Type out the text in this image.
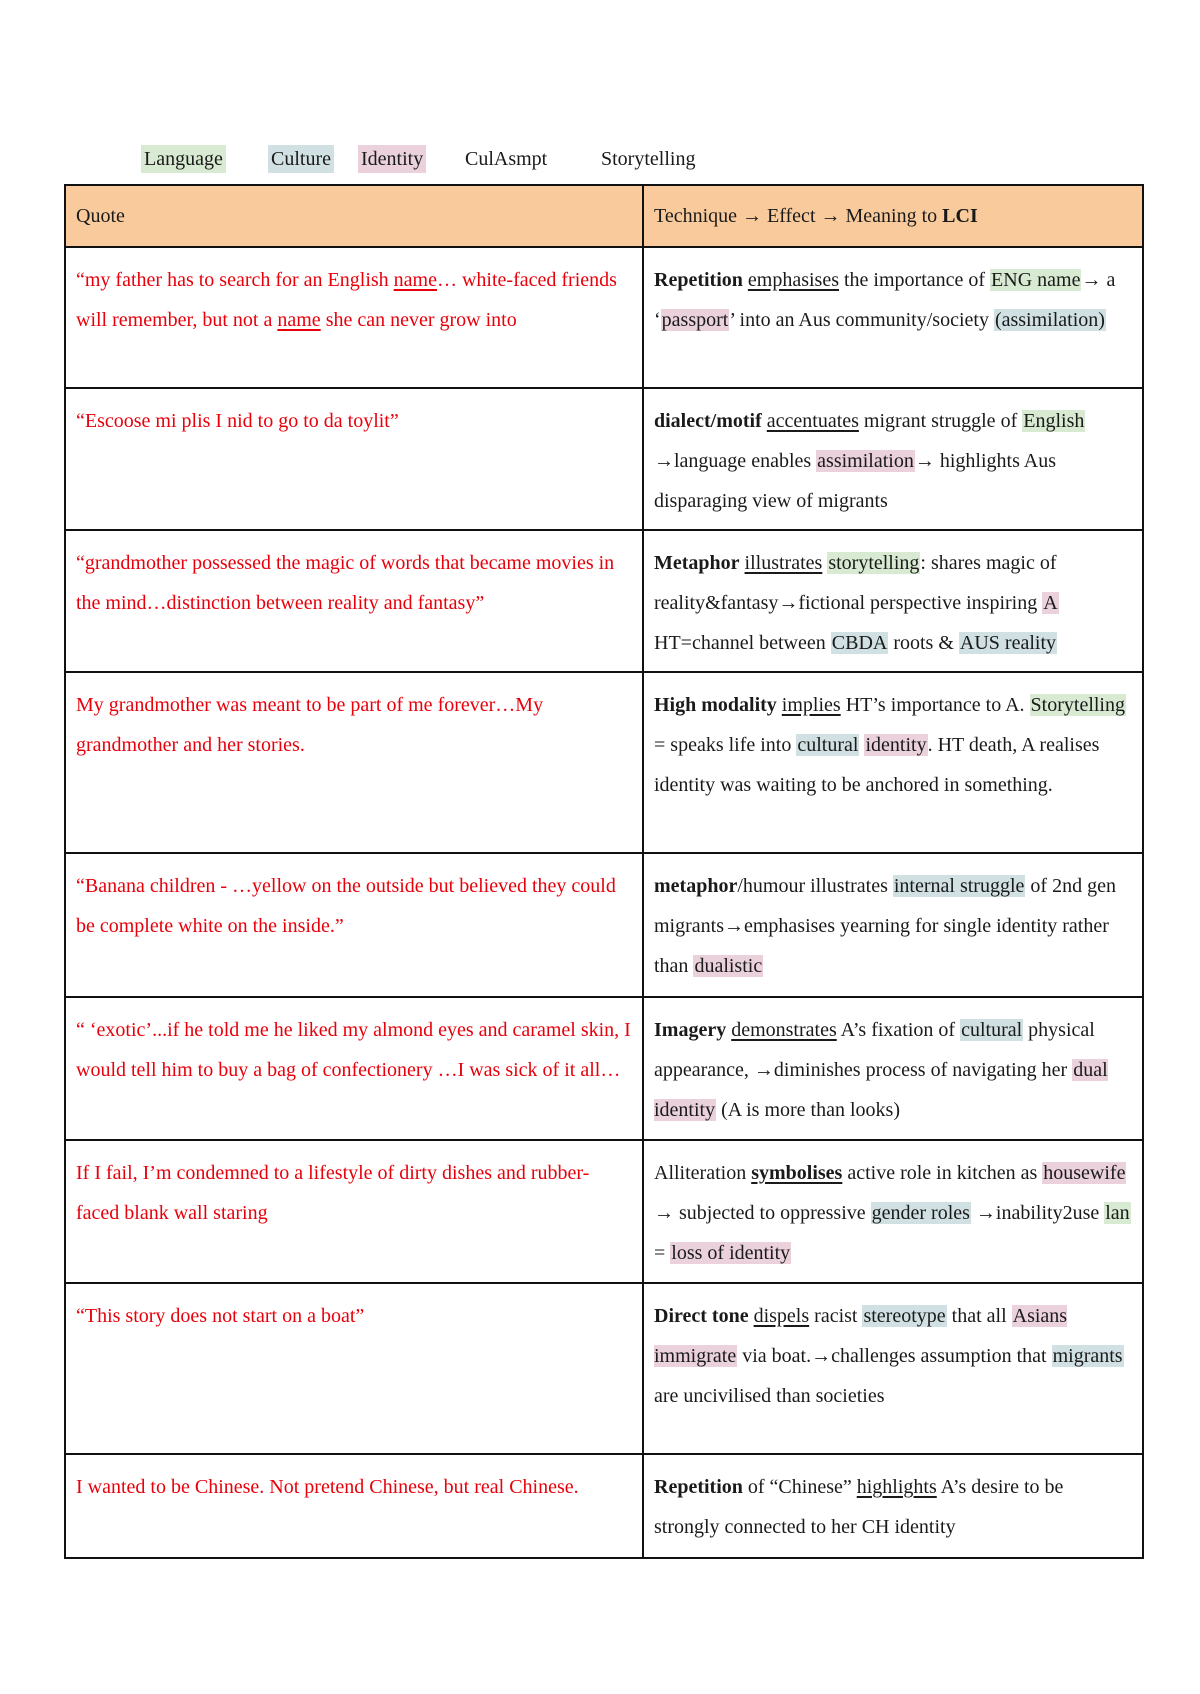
Language Culture Identity CulAsmpt	Storytelling
Quote	Technique → Effect → Meaning to LCI
“my father has to search for an English name… white-faced friends will remember, but not a name she can never grow into	Repetition emphasises the importance of ENG name→ a ‘passport’ into an Aus community/society (assimilation)
“Escoose mi plis I nid to go to da toylit”	dialect/motif accentuates migrant struggle of English →language enables assimilation→ highlights Aus disparaging view of migrants
“grandmother possessed the magic of words that became movies in the mind…distinction between reality and fantasy”	Metaphor illustrates storytelling: shares magic of reality&fantasy→fictional perspective inspiring A HT=channel between CBDA roots & AUS reality
My grandmother was meant to be part of me forever…My grandmother and her stories.	High modality implies HT’s importance to A. Storytelling = speaks life into cultural identity. HT death, A realises identity was waiting to be anchored in something.
“Banana children - …yellow on the outside but believed they could be complete white on the inside.”	metaphor/humour illustrates internal struggle of 2nd gen migrants→emphasises yearning for single identity rather than dualistic
“ ‘exotic’...if he told me he liked my almond eyes and caramel skin, I would tell him to buy a bag of confectionery …I was sick of it all…	Imagery demonstrates A’s fixation of cultural physical appearance, →diminishes process of navigating her dual identity (A is more than looks)
If I fail, I’m condemned to a lifestyle of dirty dishes and rubber-faced blank wall staring	Alliteration symbolises active role in kitchen as housewife → subjected to oppressive gender roles →inability2use lan = loss of identity
“This story does not start on a boat”	Direct tone dispels racist stereotype that all Asians immigrate via boat.→challenges assumption that migrants are uncivilised than societies
I wanted to be Chinese. Not pretend Chinese, but real Chinese.	Repetition of “Chinese” highlights A’s desire to be strongly connected to her CH identity
